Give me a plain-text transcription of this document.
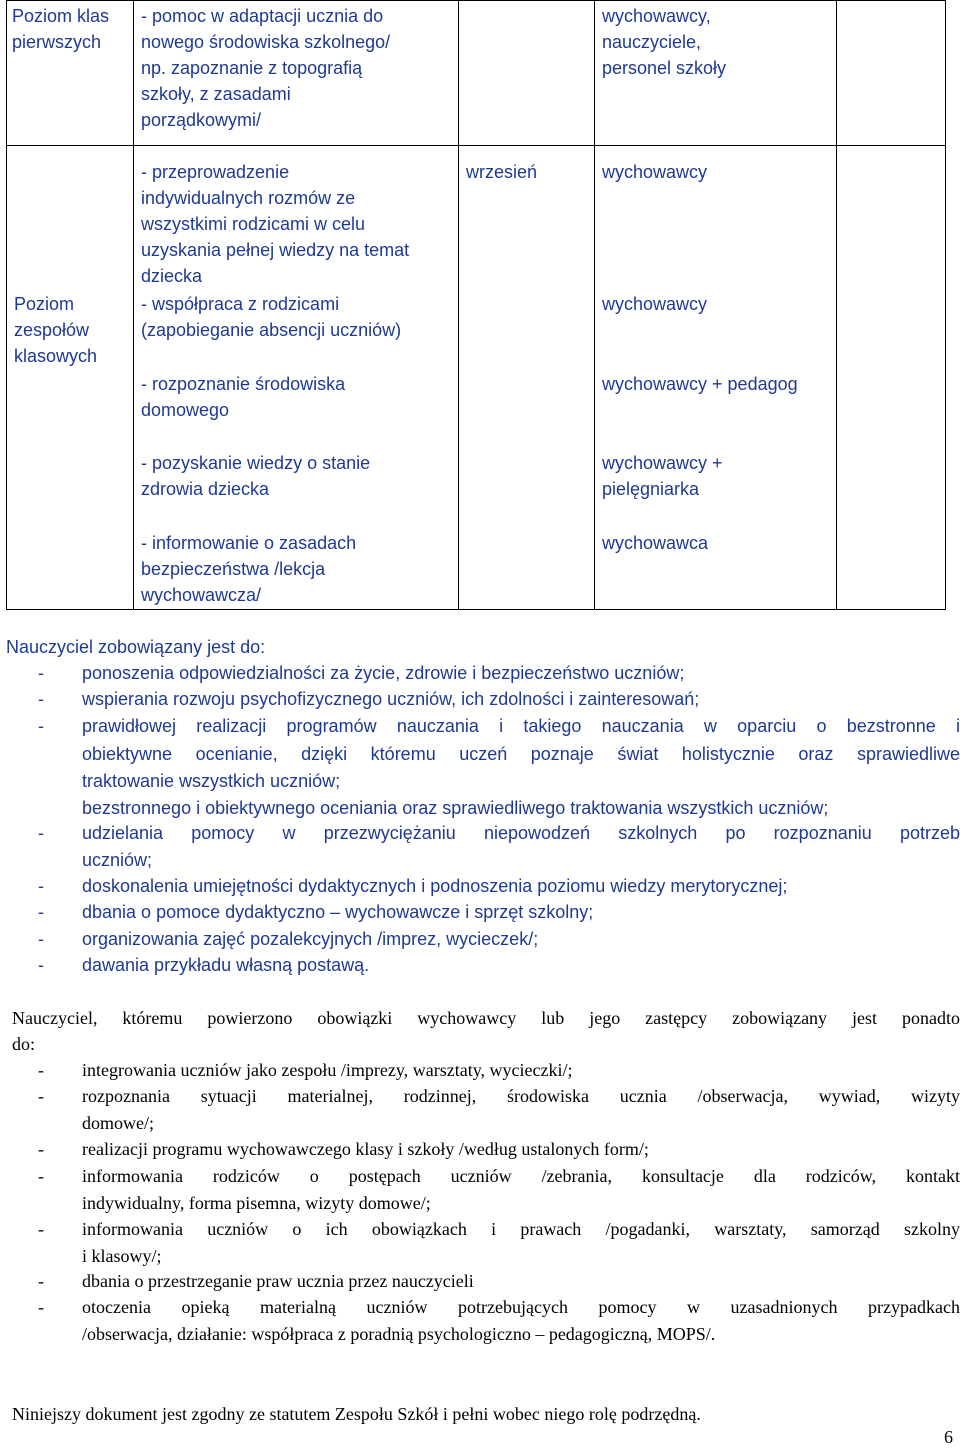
Poziom klas
pierwszych
- pomoc w adaptacji ucznia do
nowego środowiska szkolnego/
np. zapoznanie z topografią
szkoły, z zasadami
porządkowymi/
wychowawcy,
nauczyciele,
personel szkoły
Poziom
zespołów
klasowych
- przeprowadzenie
indywidualnych rozmów ze
wszystkimi rodzicami w celu
uzyskania pełnej wiedzy na temat
dziecka
- współpraca z rodzicami
(zapobieganie absencji uczniów)
- rozpoznanie środowiska
domowego
- pozyskanie wiedzy o stanie
zdrowia dziecka
- informowanie o zasadach
bezpieczeństwa /lekcja
wychowawcza/
wrzesień	wychowawcy
wychowawcy
wychowawcy + pedagog
wychowawcy +
pielęgniarka
wychowawca
Nauczyciel zobowiązany jest do:
- ponoszenia odpowiedzialności za życie, zdrowie i bezpieczeństwo uczniów;
- wspierania rozwoju psychofizycznego uczniów, ich zdolności i zainteresowań;
- prawidłowej realizacji programów nauczania i takiego nauczania w oparciu o bezstronne i
obiektywne ocenianie, dzięki któremu uczeń poznaje świat holistycznie oraz sprawiedliwe
traktowanie wszystkich uczniów;
bezstronnego i obiektywnego oceniania oraz sprawiedliwego traktowania wszystkich uczniów;
- udzielania pomocy w przezwyciężaniu niepowodzeń szkolnych po rozpoznaniu potrzeb
uczniów;
- doskonalenia umiejętności dydaktycznych i podnoszenia poziomu wiedzy merytorycznej;
- dbania o pomoce dydaktyczno – wychowawcze i sprzęt szkolny;
- organizowania zajęć pozalekcyjnych /imprez, wycieczek/;
- dawania przykładu własną postawą.
Nauczyciel, któremu powierzono obowiązki wychowawcy lub jego zastępcy zobowiązany jest ponadto
do:
- integrowania uczniów jako zespołu /imprezy, warsztaty, wycieczki/;
- rozpoznania sytuacji materialnej, rodzinnej, środowiska ucznia /obserwacja, wywiad, wizyty
domowe/;
- realizacji programu wychowawczego klasy i szkoły /według ustalonych form/;
- informowania rodziców o postępach uczniów /zebrania, konsultacje dla rodziców, kontakt
indywidualny, forma pisemna, wizyty domowe/;
- informowania uczniów o ich obowiązkach i prawach /pogadanki, warsztaty, samorząd szkolny
i klasowy/;
- dbania o przestrzeganie praw ucznia przez nauczycieli
- otoczenia opieką materialną uczniów potrzebujących pomocy w uzasadnionych przypadkach
/obserwacja, działanie: współpraca z poradnią psychologiczno – pedagogiczną, MOPS/.
Niniejszy dokument jest zgodny ze statutem Zespołu Szkół i pełni wobec niego rolę podrzędną.
6
